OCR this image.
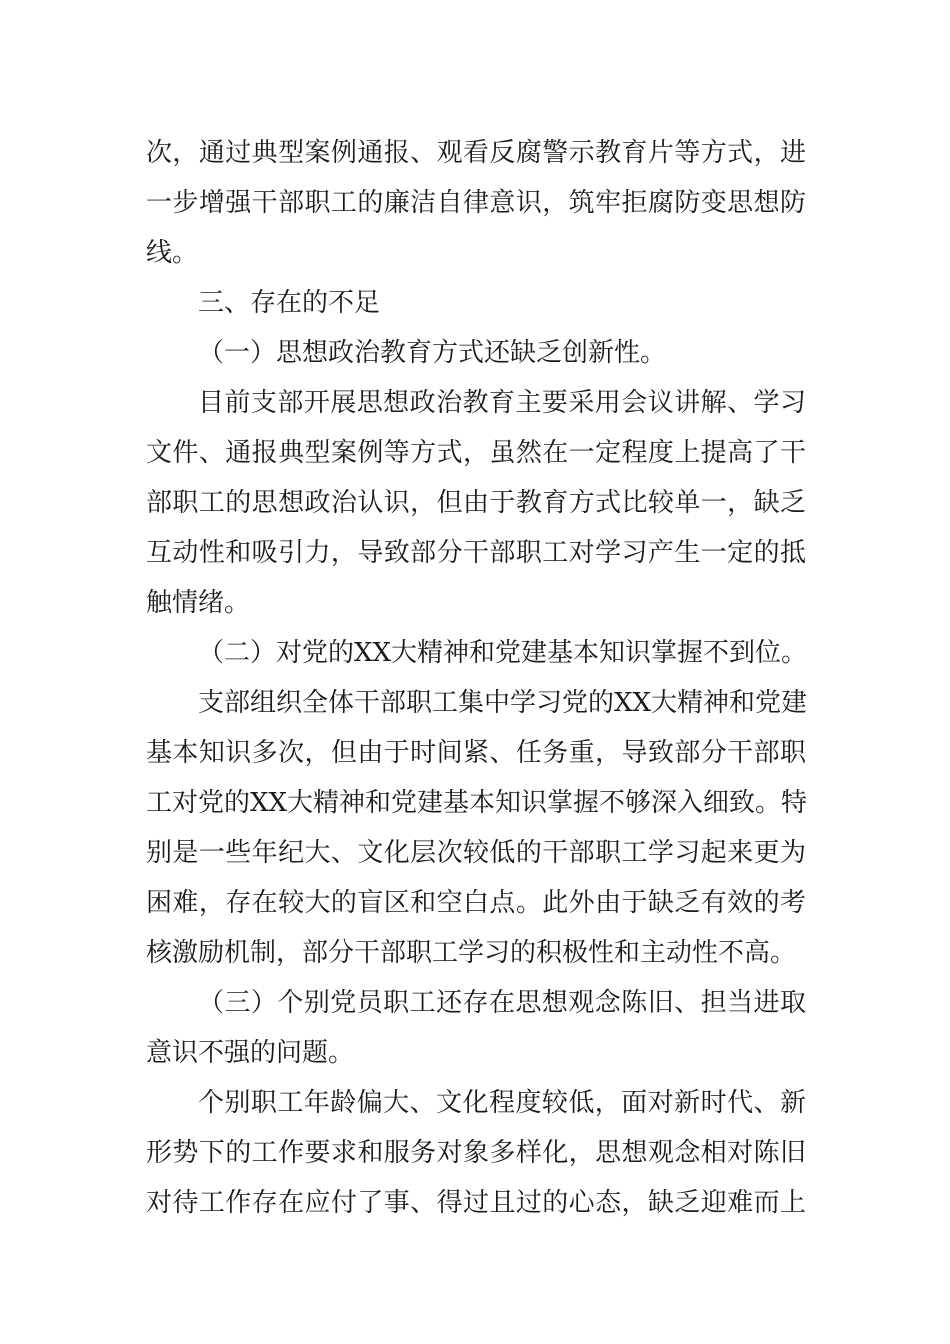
次，通过典型案例通报、观看反腐警示教育片等方式，进
一步增强干部职工的廉洁自律意识，筑牢拒腐防变思想防
线。
三、存在的不足
（一）思想政治教育方式还缺乏创新性。
目前支部开展思想政治教育主要采用会议讲解、学习
文件、通报典型案例等方式，虽然在一定程度上提高了干
部职工的思想政治认识，但由于教育方式比较单一，缺乏
互动性和吸引力，导致部分干部职工对学习产生一定的抵
触情绪。
（二）对党的XX大精神和党建基本知识掌握不到位。
支部组织全体干部职工集中学习党的XX大精神和党建
基本知识多次，但由于时间紧、任务重，导致部分干部职
工对党的XX大精神和党建基本知识掌握不够深入细致。特
别是一些年纪大、文化层次较低的干部职工学习起来更为
困难，存在较大的盲区和空白点。此外由于缺乏有效的考
核激励机制，部分干部职工学习的积极性和主动性不高。
（三）个别党员职工还存在思想观念陈旧、担当进取
意识不强的问题。
个别职工年龄偏大、文化程度较低，面对新时代、新
形势下的工作要求和服务对象多样化，思想观念相对陈旧
对待工作存在应付了事、得过且过的心态，缺乏迎难而上
